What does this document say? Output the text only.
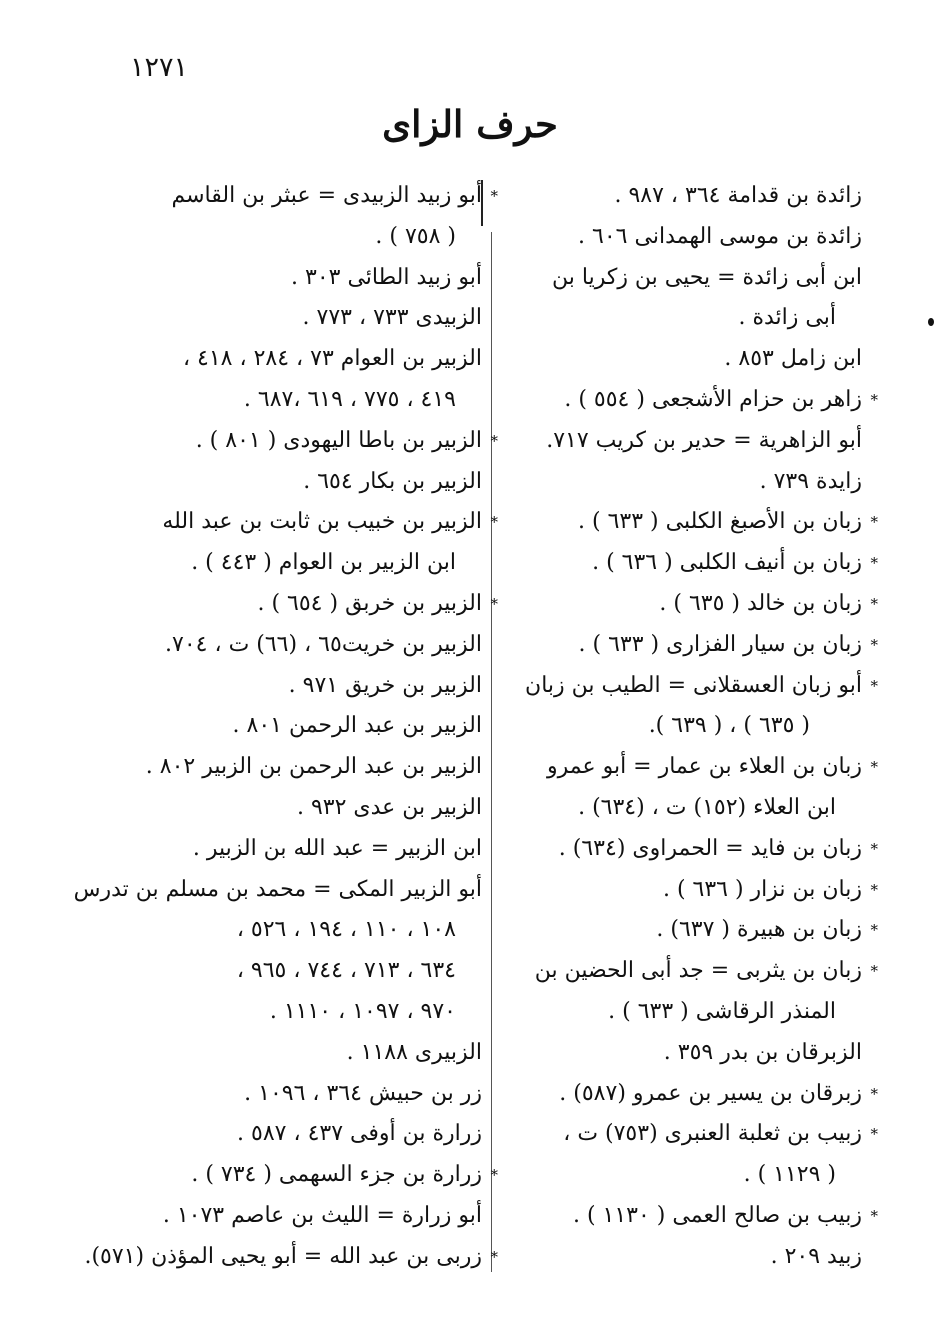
١٢٧١
حرف الزاى
زائدة بن قدامة ٣٦٤ ، ٩٨٧ .
زائدة بن موسى الهمدانى ٦٠٦ .
ابن أبى زائدة = يحيى بن زكريا بن
أبى زائدة .
ابن زامل ٨٥٣ .
*
زاهر بن حزام الأشجعى ( ٥٥٤ ) .
أبو الزاهرية = حدير بن كريب ٧١٧.
زايدة ٧٣٩ .
*
زبان بن الأصبغ الكلبى ( ٦٣٣ ) .
*
زبان بن أنيف الكلبى ( ٦٣٦ ) .
*
زبان بن خالد ( ٦٣٥ ) .
*
زبان بن سيار الفزارى ( ٦٣٣ ) .
*
أبو زبان العسقلانى = الطيب بن زبان
( ٦٣٥ ) ، ( ٦٣٩ ).
*
زبان بن العلاء بن عمار = أبو عمرو
ابن العلاء (١٥٢) ت ، (٦٣٤) .
*
زبان بن فايد = الحمراوى (٦٣٤) .
*
زبان بن نزار ( ٦٣٦ ) .
*
زبان بن هبيرة ( ٦٣٧) .
*
زبان بن يثربى = جد أبى الحضين بن
المنذر الرقاشى ( ٦٣٣ ) .
الزبرقان بن بدر ٣٥٩ .
*
زبرقان بن يسير بن عمرو (٥٨٧) .
*
زبيب بن ثعلبة العنبرى (٧٥٣) ت ،
( ١١٢٩ ) .
*
زبيب بن صالح العمى ( ١١٣٠ ) .
زبيد ٢٠٩ .
*
أبو زبيد الزبيدى = عبثر بن القاسم
( ٧٥٨ ) .
أبو زبيد الطائى ٣٠٣ .
الزبيدى ٧٣٣ ، ٧٧٣ .
الزبير بن العوام ٧٣ ، ٢٨٤ ، ٤١٨ ،
٤١٩ ، ٧٧٥ ، ٦١٩ ،٦٨٧ .
*
الزبير بن باطا اليهودى ( ٨٠١ ) .
الزبير بن بكار ٦٥٤ .
*
الزبير بن خبيب بن ثابت بن عبد الله
ابن الزبير بن العوام ( ٤٤٣ ) .
*
الزبير بن خربق ( ٦٥٤ ) .
الزبير بن خريت٦٥ ، (٦٦) ت ، ٧٠٤.
الزبير بن خريق ٩٧١ .
الزبير بن عبد الرحمن ٨٠١ .
الزبير بن عبد الرحمن بن الزبير ٨٠٢ .
الزبير بن عدى ٩٣٢ .
ابن الزبير = عبد الله بن الزبير .
أبو الزبير المكى = محمد بن مسلم بن تدرس
١٠٨ ، ١١٠ ، ١٩٤ ، ٥٢٦ ،
٦٣٤ ، ٧١٣ ، ٧٤٤ ، ٩٦٥ ،
٩٧٠ ، ١٠٩٧ ، ١١١٠ .
الزبيرى ١١٨٨ .
زر بن حبيش ٣٦٤ ، ١٠٩٦ .
زرارة بن أوفى ٤٣٧ ، ٥٨٧ .
*
زرارة بن جزء السهمى ( ٧٣٤ ) .
أبو زرارة = الليث بن عاصم ١٠٧٣ .
*
زربى بن عبد الله = أبو يحيى المؤذن (٥٧١).
